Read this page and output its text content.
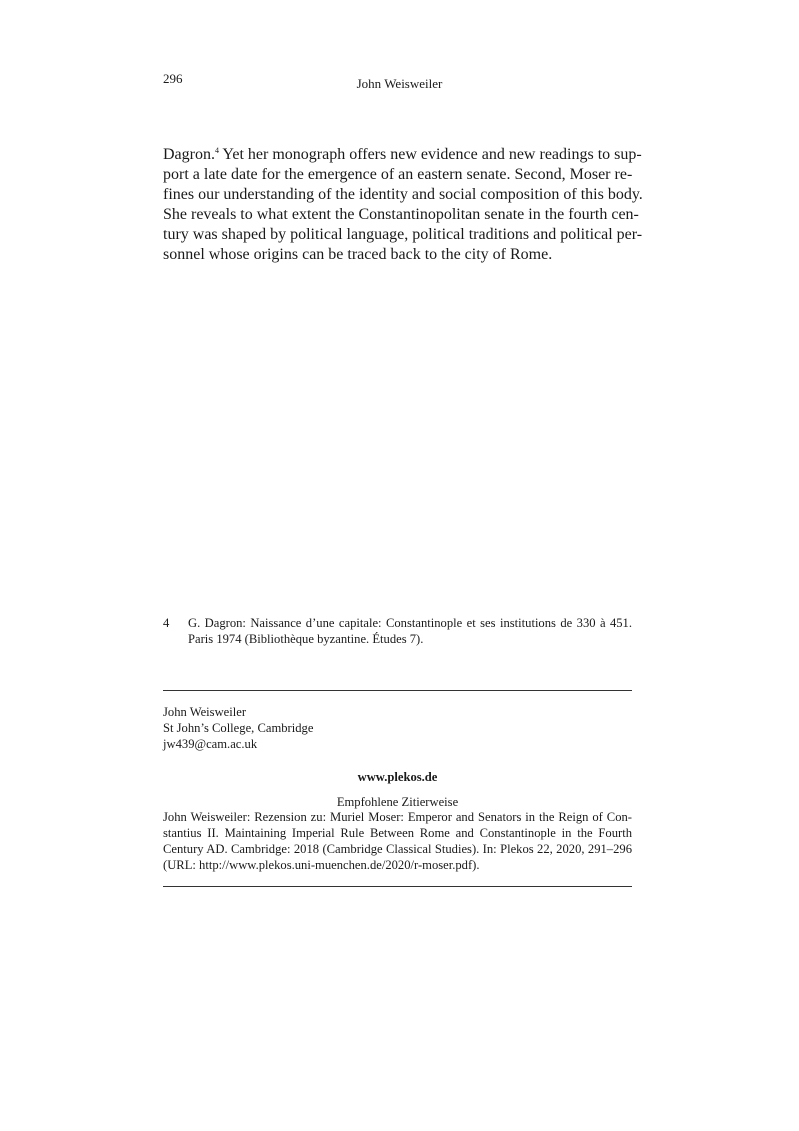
296	John Weisweiler
Dagron.$^4$ Yet her monograph offers new evidence and new readings to sup-
port a late date for the emergence of an eastern senate. Second, Moser re-
fines our understanding of the identity and social composition of this body.
She reveals to what extent the Constantinopolitan senate in the fourth cen-
tury was shaped by political language, political traditions and political per-
sonnel whose origins can be traced back to the city of Rome.
4 G. Dagron: Naissance d’une capitale: Constantinople et ses institutions de 330 à 451.
Paris 1974 (Bibliothèque byzantine. Études 7).
John Weisweiler
St John’s College, Cambridge
jw439@cam.ac.uk
www.plekos.de
Empfohlene Zitierweise
John Weisweiler: Rezension zu: Muriel Moser: Emperor and Senators in the Reign of Con-
stantius II. Maintaining Imperial Rule Between Rome and Constantinople in the Fourth
Century AD. Cambridge: 2018 (Cambridge Classical Studies). In: Plekos 22, 2020, 291–296
(URL: http://www.plekos.uni-muenchen.de/2020/r-moser.pdf).
